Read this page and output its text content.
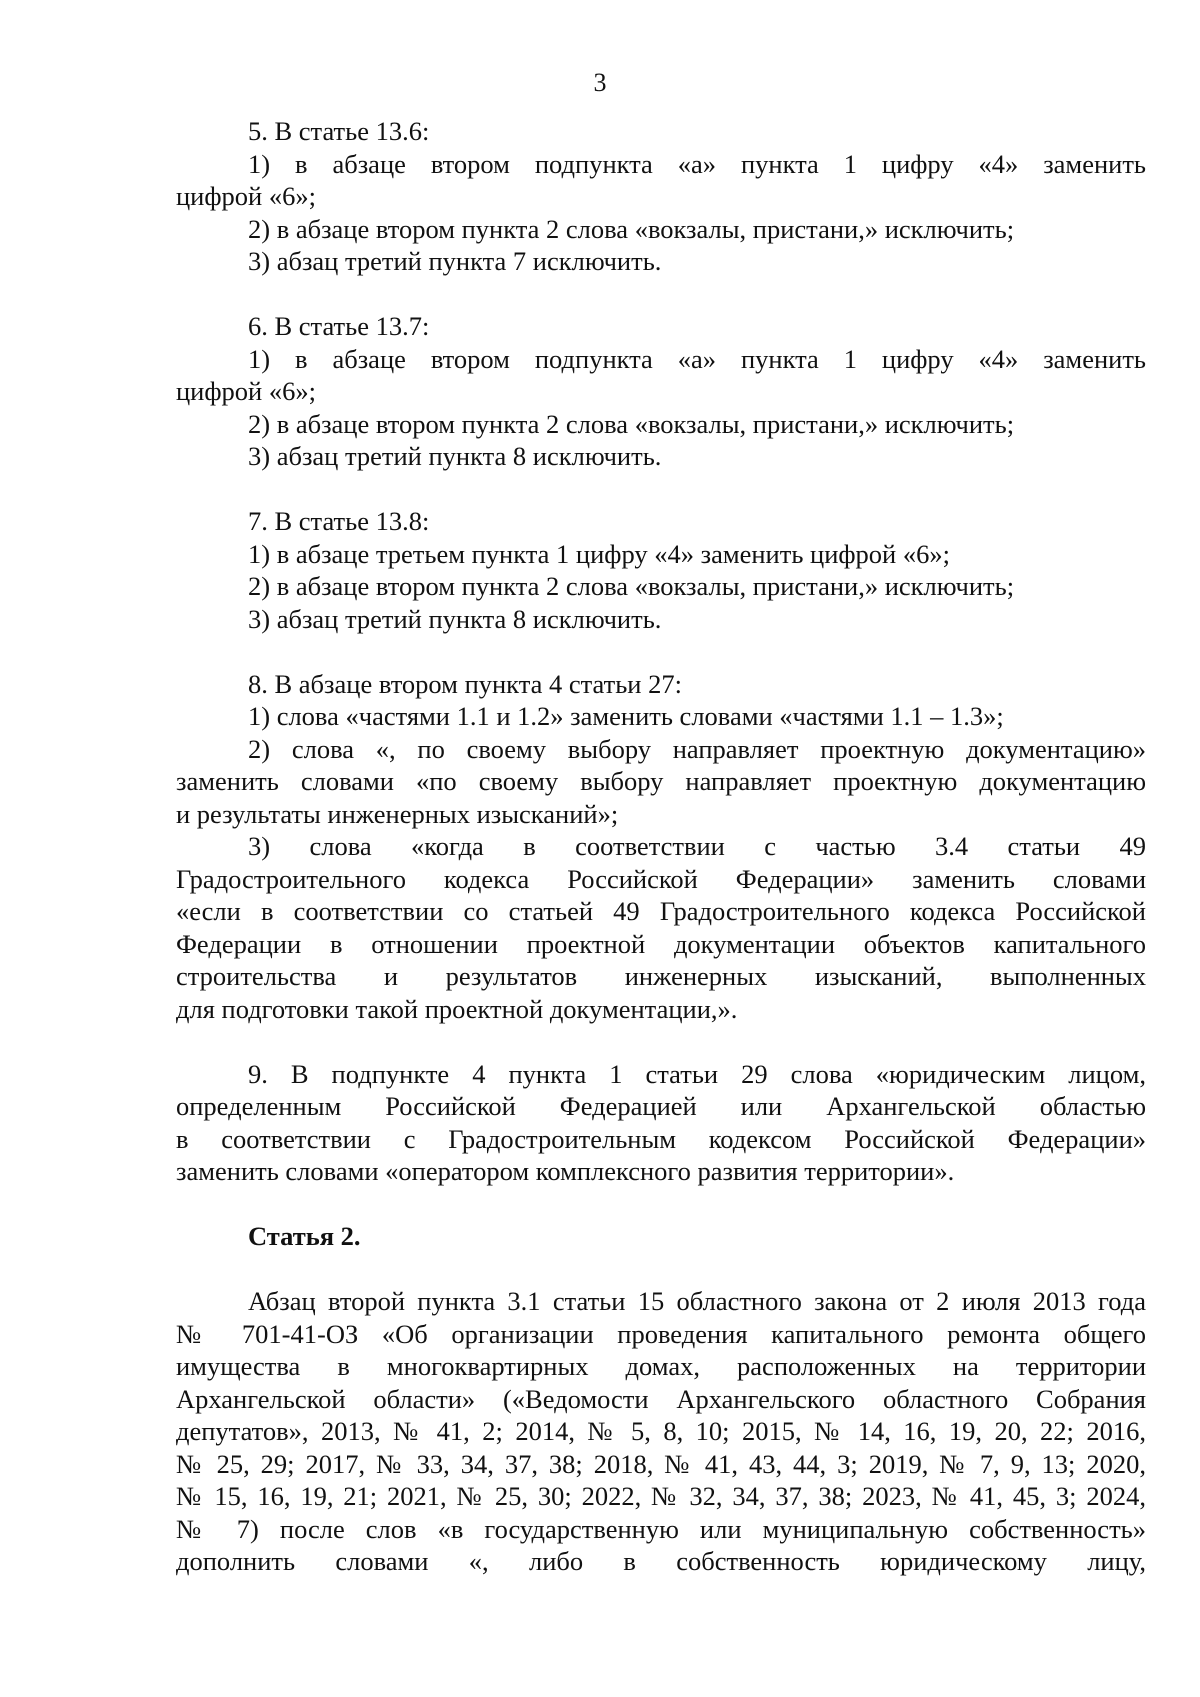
3
5. В статье 13.6:
1) в абзаце втором подпункта «а» пункта 1 цифру «4» заменить
цифрой «6»;
2) в абзаце втором пункта 2 слова «вокзалы, пристани,» исключить;
3) абзац третий пункта 7 исключить.
6. В статье 13.7:
1) в абзаце втором подпункта «а» пункта 1 цифру «4» заменить
цифрой «6»;
2) в абзаце втором пункта 2 слова «вокзалы, пристани,» исключить;
3) абзац третий пункта 8 исключить.
7. В статье 13.8:
1) в абзаце третьем пункта 1 цифру «4» заменить цифрой «6»;
2) в абзаце втором пункта 2 слова «вокзалы, пристани,» исключить;
3) абзац третий пункта 8 исключить.
8. В абзаце втором пункта 4 статьи 27:
1) слова «частями 1.1 и 1.2» заменить словами «частями 1.1 – 1.3»;
2) слова «, по своему выбору направляет проектную документацию»
заменить словами «по своему выбору направляет проектную документацию
и результаты инженерных изысканий»;
3) слова «когда в соответствии с частью 3.4 статьи 49
Градостроительного кодекса Российской Федерации» заменить словами
«если в соответствии со статьей 49 Градостроительного кодекса Российской
Федерации в отношении проектной документации объектов капитального
строительства и результатов инженерных изысканий, выполненных
для подготовки такой проектной документации,».
9. В подпункте 4 пункта 1 статьи 29 слова «юридическим лицом,
определенным Российской Федерацией или Архангельской областью
в соответствии с Градостроительным кодексом Российской Федерации»
заменить словами «оператором комплексного развития территории».
Статья 2.
Абзац второй пункта 3.1 статьи 15 областного закона от 2 июля 2013 года
№ 701-41-ОЗ «Об организации проведения капитального ремонта общего
имущества в многоквартирных домах, расположенных на территории
Архангельской области» («Ведомости Архангельского областного Собрания
депутатов», 2013, № 41, 2; 2014, № 5, 8, 10; 2015, № 14, 16, 19, 20, 22; 2016,
№ 25, 29; 2017, № 33, 34, 37, 38; 2018, № 41, 43, 44, 3; 2019, № 7, 9, 13; 2020,
№ 15, 16, 19, 21; 2021, № 25, 30; 2022, № 32, 34, 37, 38; 2023, № 41, 45, 3; 2024,
№ 7) после слов «в государственную или муниципальную собственность»
дополнить словами «, либо в собственность юридическому лицу,
